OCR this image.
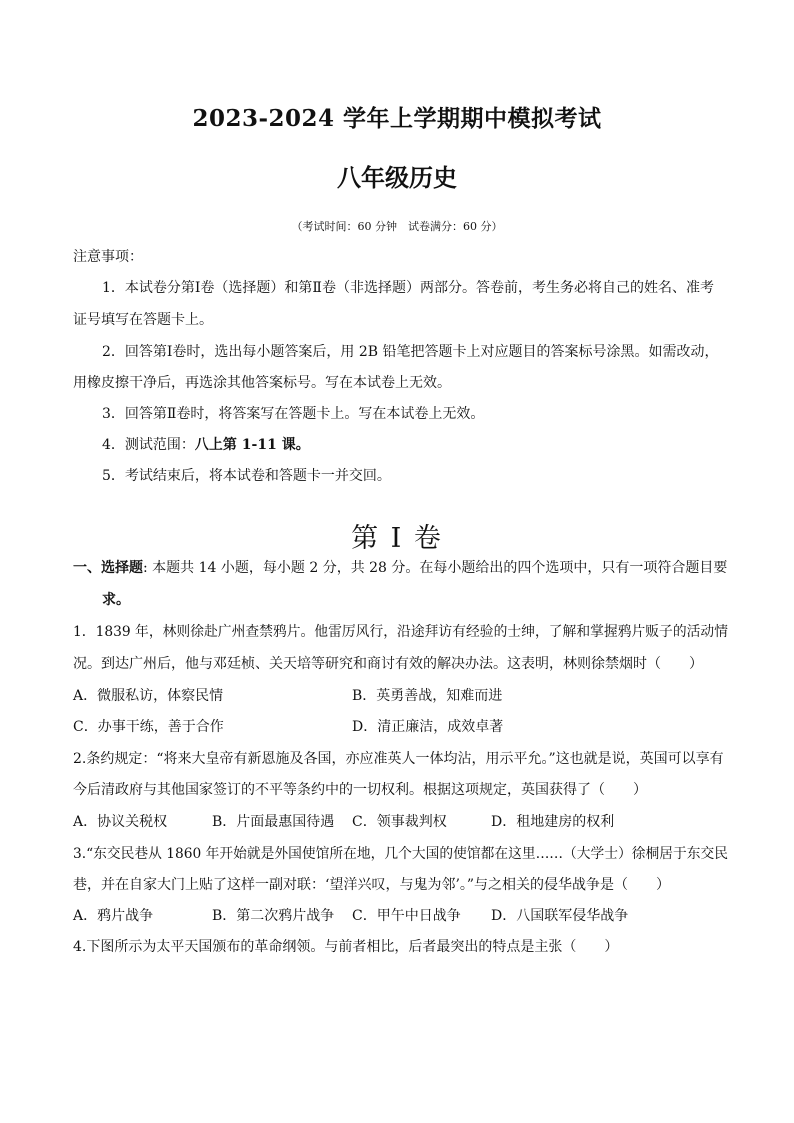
2023-2024 学年上学期期中模拟考试
八年级历史
（考试时间：60 分钟　试卷满分：60 分）
注意事项：
1．本试卷分第Ⅰ卷（选择题）和第Ⅱ卷（非选择题）两部分。答卷前，考生务必将自己的姓名、准考
证号填写在答题卡上。
2．回答第Ⅰ卷时，选出每小题答案后，用 2B 铅笔把答题卡上对应题目的答案标号涂黑。如需改动，
用橡皮擦干净后，再选涂其他答案标号。写在本试卷上无效。
3．回答第Ⅱ卷时，将答案写在答题卡上。写在本试卷上无效。
4．测试范围：八上第 1-11 课。
5．考试结束后，将本试卷和答题卡一并交回。
第 I 卷
一、选择题: 本题共 14 小题，每小题 2 分，共 28 分。在每小题给出的四个选项中，只有一项符合题目要
求。
1．1839 年，林则徐赴广州查禁鸦片。他雷厉风行，沿途拜访有经验的士绅，了解和掌握鸦片贩子的活动情
况。到达广州后，他与邓廷桢、关天培等研究和商讨有效的解决办法。这表明，林则徐禁烟时（　　）
A．微服私访，体察民情	B．英勇善战，知难而进
C．办事干练，善于合作	D．清正廉洁，成效卓著
2.条约规定：“将来大皇帝有新恩施及各国，亦应准英人一体均沾，用示平允。”这也就是说，英国可以享有
今后清政府与其他国家签订的不平等条约中的一切权利。根据这项规定，英国获得了（　　）
A．协议关税权	B．片面最惠国待遇 C．领事裁判权	D．租地建房的权利
3.“东交民巷从 1860 年开始就是外国使馆所在地，几个大国的使馆都在这里……（大学士）徐桐居于东交民
巷，并在自家大门上贴了这样一副对联：‘望洋兴叹，与鬼为邻’。”与之相关的侵华战争是（　　）
A．鸦片战争	B．第二次鸦片战争 C．甲午中日战争 D．八国联军侵华战争
4.下图所示为太平天国颁布的革命纲领。与前者相比，后者最突出的特点是主张（　　）
